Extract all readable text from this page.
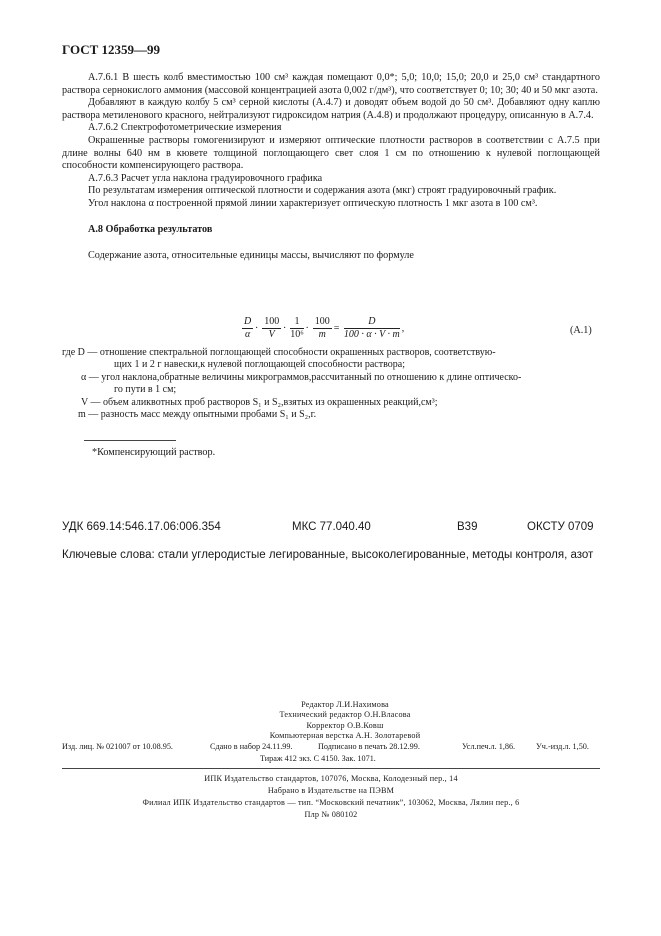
ГОСТ 12359—99

А.7.6.1 В шесть колб вместимостью 100 см³ каждая помещают 0,0*; 5,0; 10,0; 15,0; 20,0 и 25,0 см³ стандартного раствора сернокислого аммония (массовой концентрацией азота 0,002 г/дм³), что соответствует 0; 10; 30; 40 и 50 мкг азота.

Добавляют в каждую колбу 5 см³ серной кислоты (А.4.7) и доводят объем водой до 50 см³. Добавляют одну каплю раствора метиленового красного, нейтрализуют гидроксидом натрия (А.4.8) и продолжают процедуру, описанную в А.7.4.

А.7.6.2 Спектрофотометрические измерения

Окрашенные растворы гомогенизируют и измеряют оптические плотности растворов в соответствии с А.7.5 при длине волны 640 нм в кювете толщиной поглощающего свет слоя 1 см по отношению к нулевой поглощающей способности компенсирующего раствора.

А.7.6.3 Расчет угла наклона градуировочного графика

По результатам измерения оптической плотности и содержания азота (мкг) строят градуировочный график.

Угол наклона α построенной прямой линии характеризует оптическую плотность 1 мкг азота в 100 см³.

А.8 Обработка результатов

Содержание азота, относительные единицы массы, вычисляют по формуле

$\frac{D}{\alpha} \cdot \frac{100}{V} \cdot \frac{1}{\text{10⁶}} \cdot \frac{100}{m} = \frac{D}{100 \cdot \alpha \cdot V \cdot m}$ ,	(А.1)
где D — отношение спектральной поглощающей способности окрашенных растворов, соответствую-
щих 1 и 2 г навески,к нулевой поглощающей способности раствора;
α — угол наклона,обратные величины микрограммов,рассчитанный по отношению к длине оптическо-
го пути в 1 см;
V — объем аликвотных проб растворов S₁ и S₂,взятых из окрашенных реакций,см³;
m — разность масс между опытными пробами S₁ и S₂,г.
*Компенсирующий раствор.
УДК 669.14:546.17.06:006.354	МКС 77.040.40	В39	ОКСТУ 0709
Ключевые слова: стали углеродистые легированные, высоколегированные, методы контроля, азот
Редактор Л.И.Нахимова
Технический редактор О.Н.Власова
Корректор О.В.Ковш
Компьютерная верстка А.Н. Золотаревой
Изд. лиц. № 021007 от 10.08.95.	Сдано в набор 24.11.99.	Подписано в печать 28.12.99.	Усл.печ.л. 1,86.	Уч.-изд.л. 1,50.
Тираж 412 экз. С 4150. Зак. 1071.
ИПК Издательство стандартов, 107076, Москва, Колодезный пер., 14
Набрано в Издательстве на ПЭВМ
Филиал ИПК Издательство стандартов — тип. “Московский печатник”, 103062, Москва, Лялин пер., 6
Плр № 080102
